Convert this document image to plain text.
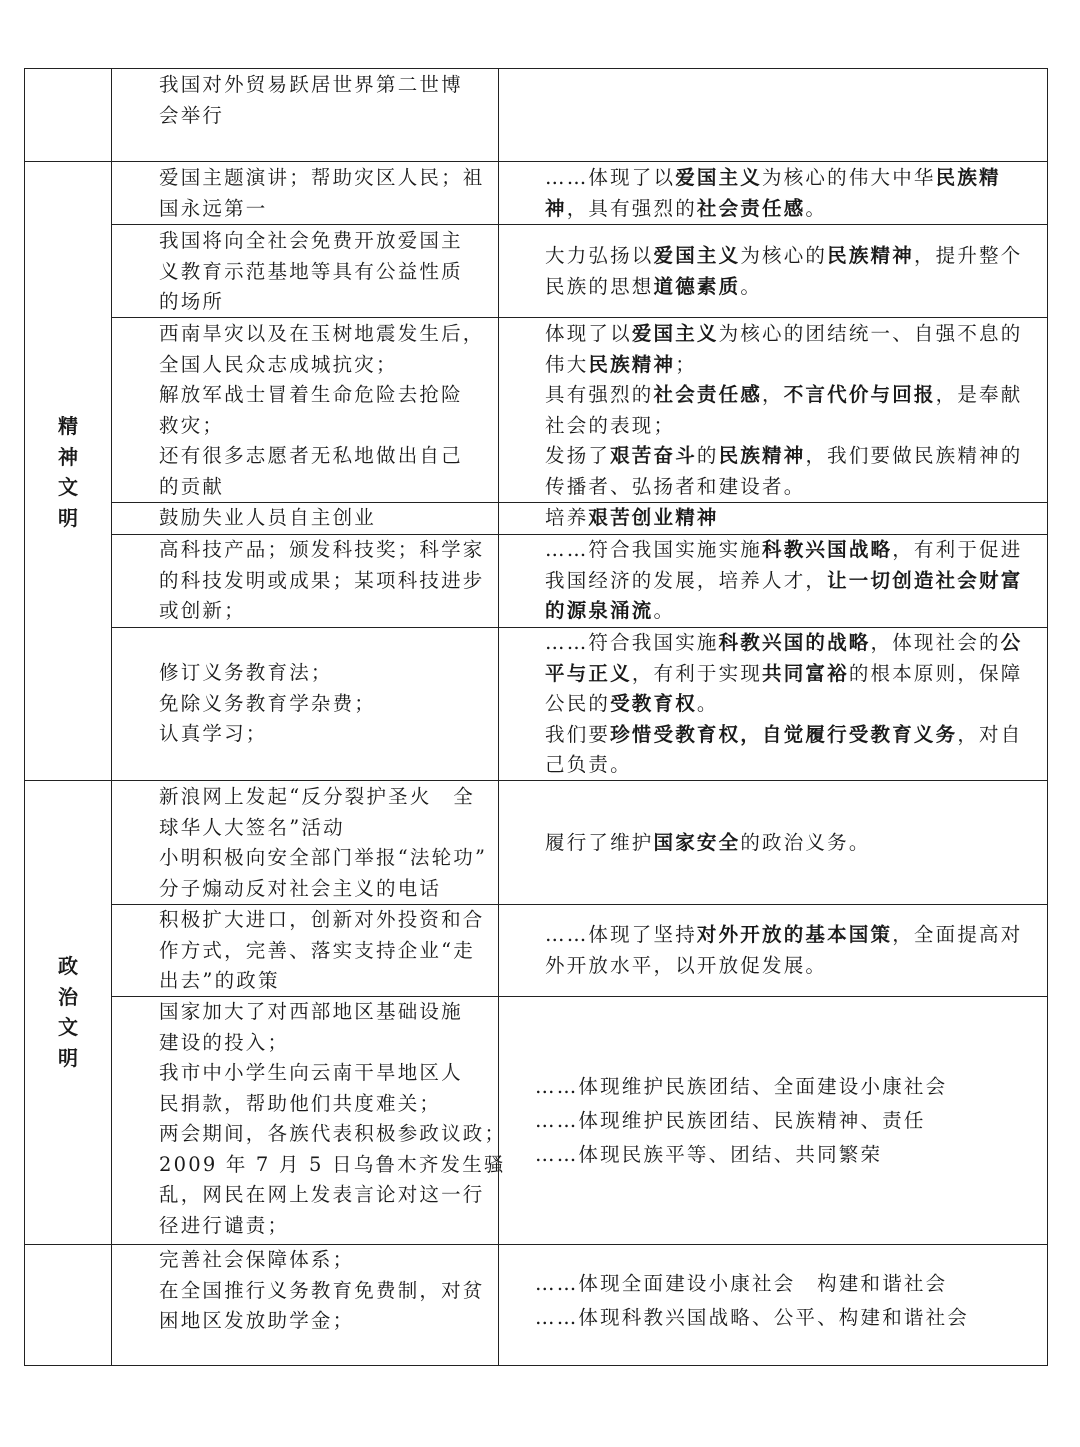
精
神
文
明
政
治
文
明
我国对外贸易跃居世界第二世博
会举行
爱国主题演讲；帮助灾区人民；祖
国永远第一
……体现了以爱国主义为核心的伟大中华民族精
神，具有强烈的社会责任感。
我国将向全社会免费开放爱国主
义教育示范基地等具有公益性质
的场所
大力弘扬以爱国主义为核心的民族精神，提升整个
民族的思想道德素质。
西南旱灾以及在玉树地震发生后，
全国人民众志成城抗灾；
解放军战士冒着生命危险去抢险
救灾；
还有很多志愿者无私地做出自己
的贡献
体现了以爱国主义为核心的团结统一、自强不息的
伟大民族精神；
具有强烈的社会责任感，不言代价与回报，是奉献
社会的表现；
发扬了艰苦奋斗的民族精神，我们要做民族精神的
传播者、弘扬者和建设者。
鼓励失业人员自主创业	培养艰苦创业精神
高科技产品；颁发科技奖；科学家
的科技发明或成果；某项科技进步
或创新；
……符合我国实施实施科教兴国战略，有利于促进
我国经济的发展，培养人才，让一切创造社会财富
的源泉涌流。
修订义务教育法；
免除义务教育学杂费；
认真学习；
……符合我国实施科教兴国的战略，体现社会的公
平与正义，有利于实现共同富裕的根本原则，保障
公民的受教育权。
我们要珍惜受教育权，自觉履行受教育义务，对自
己负责。
新浪网上发起“反分裂护圣火　全
球华人大签名”活动
小明积极向安全部门举报“法轮功”
分子煽动反对社会主义的电话
履行了维护国家安全的政治义务。
积极扩大进口，创新对外投资和合
作方式，完善、落实支持企业“走
出去”的政策
……体现了坚持对外开放的基本国策，全面提高对
外开放水平，以开放促发展。
国家加大了对西部地区基础设施
建设的投入；
我市中小学生向云南干旱地区人
民捐款，帮助他们共度难关；
两会期间，各族代表积极参政议政；
2009 年 7 月 5 日乌鲁木齐发生骚
乱，网民在网上发表言论对这一行
径进行谴责；
……体现维护民族团结、全面建设小康社会
……体现维护民族团结、民族精神、责任
……体现民族平等、团结、共同繁荣
完善社会保障体系；
在全国推行义务教育免费制，对贫
困地区发放助学金；
……体现全面建设小康社会　构建和谐社会
……体现科教兴国战略、公平、构建和谐社会
